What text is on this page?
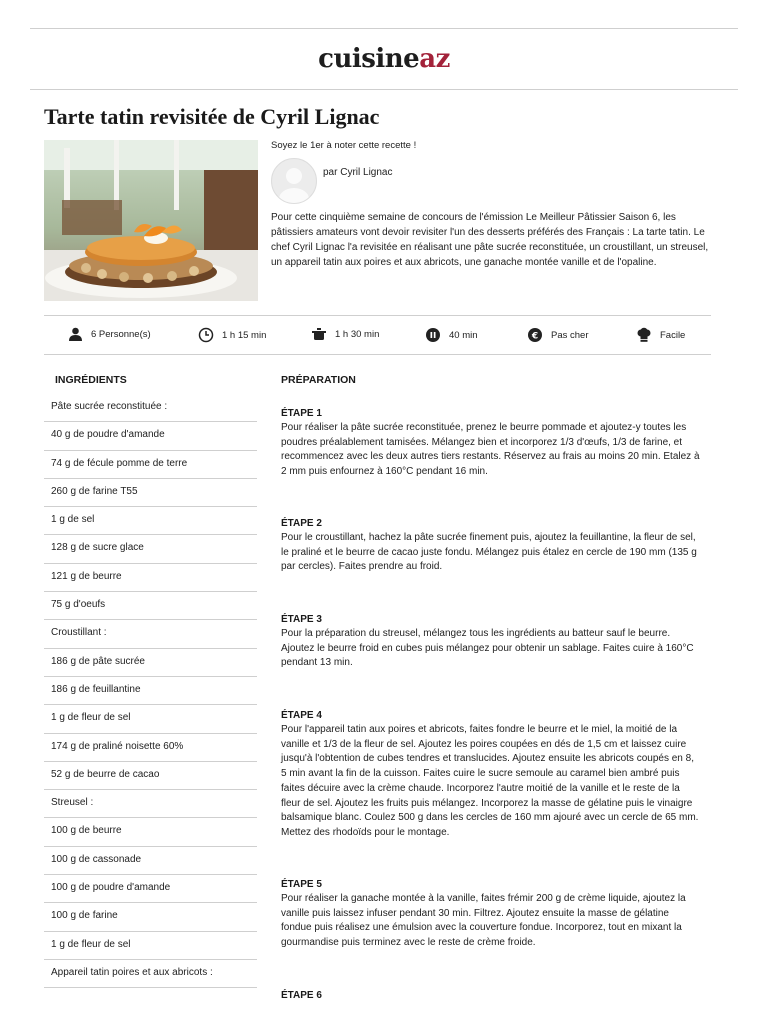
cuisineaz
Tarte tatin revisitée de Cyril Lignac
Soyez le 1er à noter cette recette !
par Cyril Lignac
Pour cette cinquième semaine de concours de l'émission Le Meilleur Pâtissier Saison 6, les pâtissiers amateurs vont devoir revisiter l'un des desserts préférés des Français : La tarte tatin. Le chef Cyril Lignac l'a revisitée en réalisant une pâte sucrée reconstituée, un croustillant, un streusel, un appareil tatin aux poires et aux abricots, une ganache montée vanille et de l'opaline.
6 Personne(s)	1 h 15 min	1 h 30 min	40 min	€ Pas cher	Facile
INGRÉDIENTS	PRÉPARATION
Pâte sucrée reconstituée :
40 g de poudre d'amande
74 g de fécule pomme de terre
260 g de farine T55
1 g de sel
128 g de sucre glace
121 g de beurre
75 g d'oeufs
Croustillant :
186 g de pâte sucrée
186 g de feuillantine
1 g de fleur de sel
174 g de praliné noisette 60%
52 g de beurre de cacao
Streusel :
100 g de beurre
100 g de cassonade
100 g de poudre d'amande
100 g de farine
1 g de fleur de sel
Appareil tatin poires et aux abricots :
ÉTAPE 1
Pour réaliser la pâte sucrée reconstituée, prenez le beurre pommade et ajoutez-y toutes les poudres préalablement tamisées. Mélangez bien et incorporez 1/3 d'œufs, 1/3 de farine, et recommencez avec les deux autres tiers restants. Réservez au frais au moins 20 min. Etalez à 2 mm puis enfournez à 160°C pendant 16 min.
ÉTAPE 2
Pour le croustillant, hachez la pâte sucrée finement puis, ajoutez la feuillantine, la fleur de sel, le praliné et le beurre de cacao juste fondu. Mélangez puis étalez en cercle de 190 mm (135 g par cercles). Faites prendre au froid.
ÉTAPE 3
Pour la préparation du streusel, mélangez tous les ingrédients au batteur sauf le beurre. Ajoutez le beurre froid en cubes puis mélangez pour obtenir un sablage. Faites cuire à 160°C pendant 13 min.
ÉTAPE 4
Pour l'appareil tatin aux poires et abricots, faites fondre le beurre et le miel, la moitié de la vanille et 1/3 de la fleur de sel. Ajoutez les poires coupées en dés de 1,5 cm et laissez cuire jusqu'à l'obtention de cubes tendres et translucides. Ajoutez ensuite les abricots coupés en 8, 5 min avant la fin de la cuisson. Faites cuire le sucre semoule au caramel bien ambré puis faites décuire avec la crème chaude. Incorporez l'autre moitié de la vanille et le reste de la fleur de sel. Ajoutez les fruits puis mélangez. Incorporez la masse de gélatine puis le vinaigre balsamique blanc. Coulez 500 g dans les cercles de 160 mm ajouré avec un cercle de 65 mm. Mettez des rhodoïds pour le montage.
ÉTAPE 5
Pour réaliser la ganache montée à la vanille, faites frémir 200 g de crème liquide, ajoutez la vanille puis laissez infuser pendant 30 min. Filtrez. Ajoutez ensuite la masse de gélatine fondue puis réalisez une émulsion avec la couverture fondue. Incorporez, tout en mixant la gourmandise puis terminez avec le reste de crème froide.
ÉTAPE 6
